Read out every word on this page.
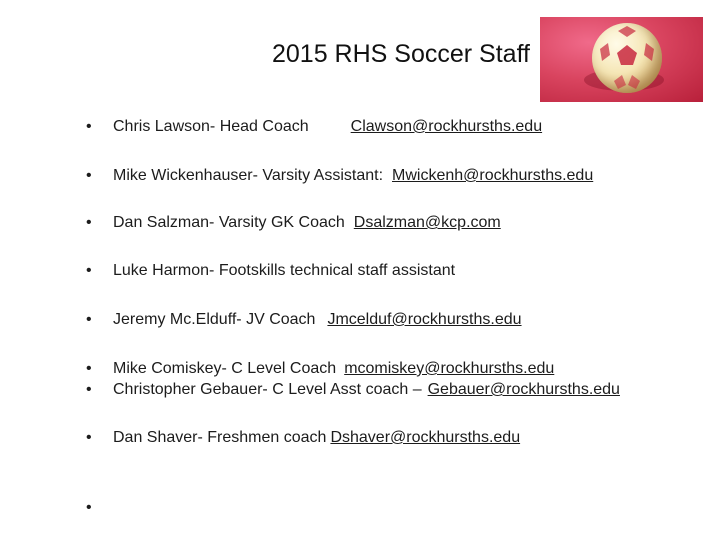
2015 RHS Soccer Staff
• Chris Lawson- Head Coach	Clawson@rockhursths.edu
• Mike Wickenhauser- Varsity Assistant: Mwickenh@rockhursths.edu
• Dan Salzman- Varsity GK Coach Dsalzman@kcp.com
• Luke Harmon- Footskills technical staff assistant
• Jeremy Mc.Elduff- JV Coach Jmcelduf@rockhursths.edu
• Mike Comiskey- C Level Coach mcomiskey@rockhursths.edu
• Christopher Gebauer- C Level Asst coach – Gebauer@rockhursths.edu
• Dan Shaver- Freshmen coach Dshaver@rockhursths.edu
•
